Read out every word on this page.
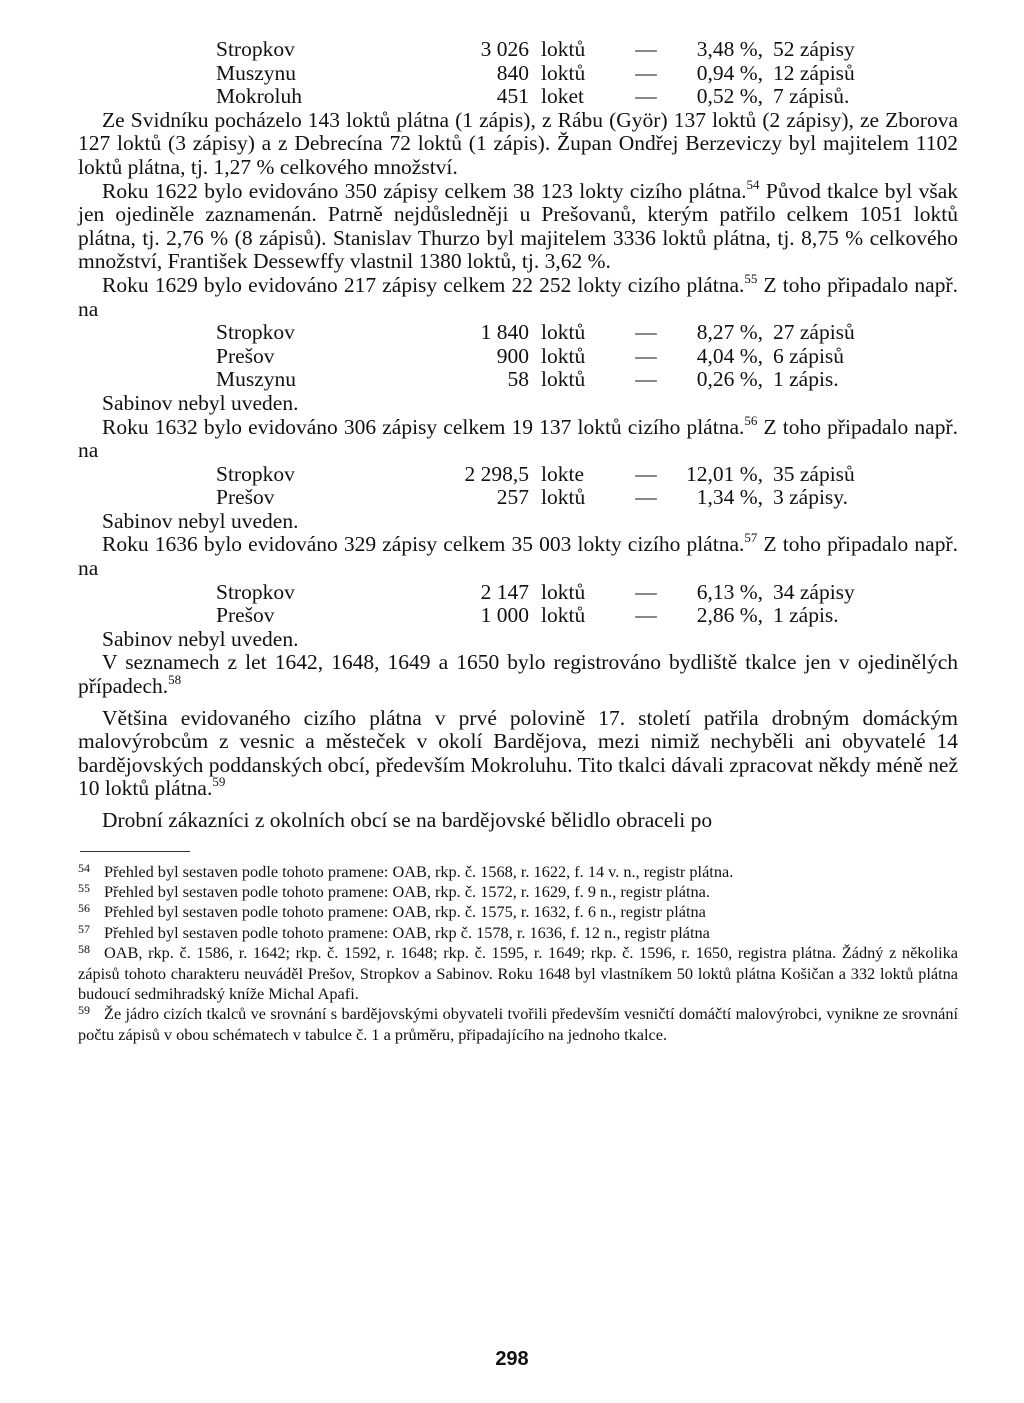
Stropkov	3 026 loktů	—	3,48 %, 52 zápisy
Muszynu	840 loktů	—	0,94 %, 12 zápisů
Mokroluh	451 loket	—	0,52 %, 7 zápisů.

Ze Svidníku pocházelo 143 loktů plátna (1 zápis), z Rábu (Györ) 137 loktů (2 zápisy), ze Zborova 127 loktů (3 zápisy) a z Debrecína 72 loktů (1 zápis). Župan Ondřej Berzeviczy byl majitelem 1102 loktů plátna, tj. 1,27 % celkového množství.

Roku 1622 bylo evidováno 350 zápisy celkem 38 123 lokty cizího plátna.$^{54}$ Původ tkalce byl však jen ojediněle zaznamenán. Patrně nejdůsledněji u Prešovanů, kterým patřilo celkem 1051 loktů plátna, tj. 2,76 % (8 zápisů). Stanislav Thurzo byl majitelem 3336 loktů plátna, tj. 8,75 % celkového množství, František Dessewffy vlastnil 1380 loktů, tj. 3,62 %.

Roku 1629 bylo evidováno 217 zápisy celkem 22 252 lokty cizího plátna.$^{55}$ Z toho připadalo např. na

Stropkov	1 840 loktů	—	8,27 %, 27 zápisů
Prešov	900 loktů	—	4,04 %, 6 zápisů
Muszynu	58 loktů	—	0,26 %, 1 zápis.

Sabinov nebyl uveden.

Roku 1632 bylo evidováno 306 zápisy celkem 19 137 loktů cizího plátna.$^{56}$ Z toho připadalo např. na

Stropkov	2 298,5 lokte	—	12,01 %, 35 zápisů
Prešov	257 loktů	—	1,34 %, 3 zápisy.

Sabinov nebyl uveden.

Roku 1636 bylo evidováno 329 zápisy celkem 35 003 lokty cizího plátna.$^{57}$ Z toho připadalo např. na

Stropkov	2 147 loktů	—	6,13 %, 34 zápisy
Prešov	1 000 loktů	—	2,86 %, 1 zápis.

Sabinov nebyl uveden.

V seznamech z let 1642, 1648, 1649 a 1650 bylo registrováno bydliště tkalce jen v ojedinělých případech.$^{58}$

Většina evidovaného cizího plátna v prvé polovině 17. století patřila drobným domáckým malovýrobcům z vesnic a městeček v okolí Bardějova, mezi nimiž nechyběli ani obyvatelé 14 bardějovských poddanských obcí, především Mokroluhu. Tito tkalci dávali zpracovat někdy méně než 10 loktů plátna.$^{59}$

Drobní zákazníci z okolních obcí se na bardějovské bělidlo obraceli po

54 Přehled byl sestaven podle tohoto pramene: OAB, rkp. č. 1568, r. 1622, f. 14 v. n., registr plátna.

55 Přehled byl sestaven podle tohoto pramene: OAB, rkp. č. 1572, r. 1629, f. 9 n., registr plátna.

56 Přehled byl sestaven podle tohoto pramene: OAB, rkp. č. 1575, r. 1632, f. 6 n., registr plátna

57 Přehled byl sestaven podle tohoto pramene: OAB, rkp č. 1578, r. 1636, f. 12 n., registr plátna

58 OAB, rkp. č. 1586, r. 1642; rkp. č. 1592, r. 1648; rkp. č. 1595, r. 1649; rkp. č. 1596, r. 1650, registra plátna. Žádný z několika zápisů tohoto charakteru neuváděl Prešov, Stropkov a Sabinov. Roku 1648 byl vlastníkem 50 loktů plátna Košičan a 332 loktů plátna budoucí sedmihradský kníže Michal Apafi.

59 Že jádro cizích tkalců ve srovnání s bardějovskými obyvateli tvořili především vesničtí domáčtí malovýrobci, vynikne ze srovnání počtu zápisů v obou schématech v tabulce č. 1 a průměru, připadajícího na jednoho tkalce.

298
